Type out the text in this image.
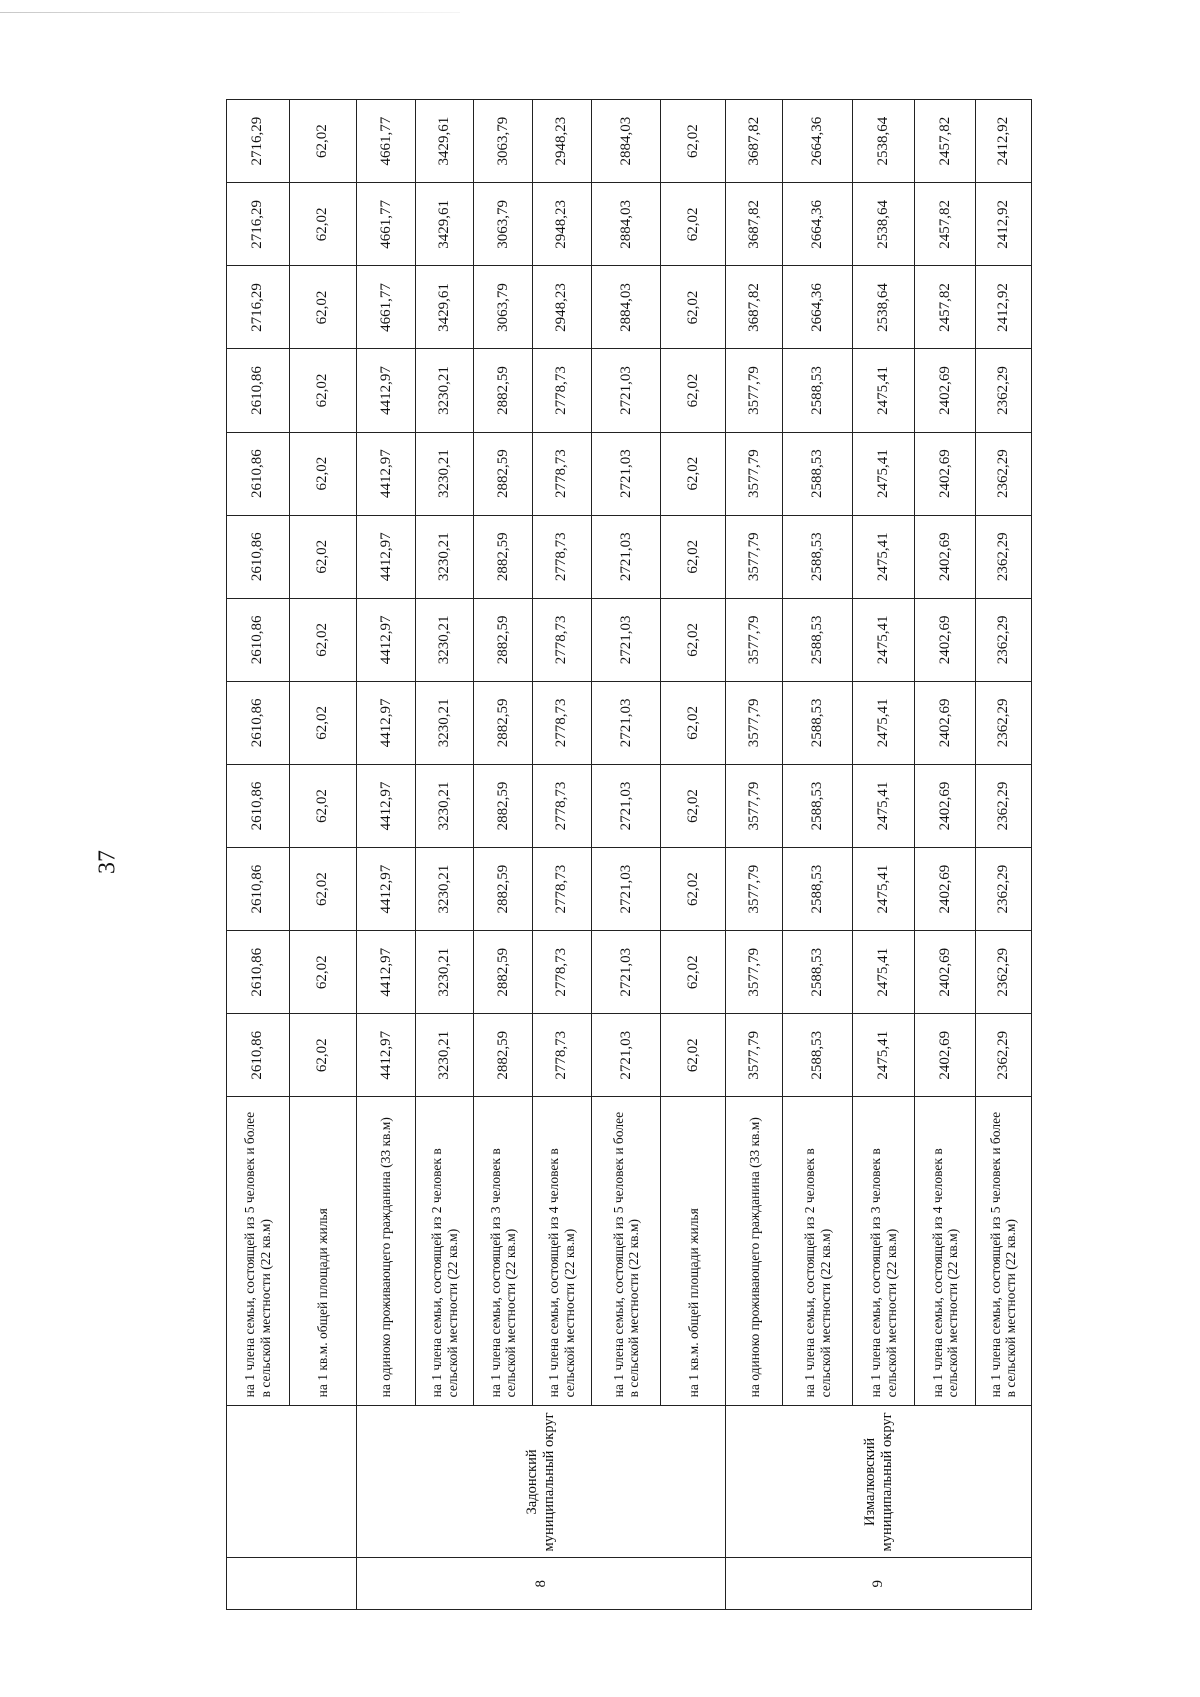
37
		на 1 члена семьи, состоящей из 5 человек и более в сельской местности (22 кв.м)	2610,86	2610,86	2610,86	2610,86	2610,86	2610,86	2610,86	2610,86	2610,86	2716,29	2716,29	2716,29
		на 1 кв.м. общей площади жилья	62,02	62,02	62,02	62,02	62,02	62,02	62,02	62,02	62,02	62,02	62,02	62,02
8	Задонский муниципальный округ	на одиноко проживающего гражданина (33 кв.м)	4412,97	4412,97	4412,97	4412,97	4412,97	4412,97	4412,97	4412,97	4412,97	4661,77	4661,77	4661,77
		на 1 члена семьи, состоящей из 2 человек в сельской местности (22 кв.м)	3230,21	3230,21	3230,21	3230,21	3230,21	3230,21	3230,21	3230,21	3230,21	3429,61	3429,61	3429,61
		на 1 члена семьи, состоящей из 3 человек в сельской местности (22 кв.м)	2882,59	2882,59	2882,59	2882,59	2882,59	2882,59	2882,59	2882,59	2882,59	3063,79	3063,79	3063,79
		на 1 члена семьи, состоящей из 4 человек в сельской местности (22 кв.м)	2778,73	2778,73	2778,73	2778,73	2778,73	2778,73	2778,73	2778,73	2778,73	2948,23	2948,23	2948,23
		на 1 члена семьи, состоящей из 5 человек и более в сельской местности (22 кв.м)	2721,03	2721,03	2721,03	2721,03	2721,03	2721,03	2721,03	2721,03	2721,03	2884,03	2884,03	2884,03
		на 1 кв.м. общей площади жилья	62,02	62,02	62,02	62,02	62,02	62,02	62,02	62,02	62,02	62,02	62,02	62,02
9	Измалковский муниципальный округ	на одиноко проживающего гражданина (33 кв.м)	3577,79	3577,79	3577,79	3577,79	3577,79	3577,79	3577,79	3577,79	3577,79	3687,82	3687,82	3687,82
		на 1 члена семьи, состоящей из 2 человек в сельской местности (22 кв.м)	2588,53	2588,53	2588,53	2588,53	2588,53	2588,53	2588,53	2588,53	2588,53	2664,36	2664,36	2664,36
		на 1 члена семьи, состоящей из 3 человек в сельской местности (22 кв.м)	2475,41	2475,41	2475,41	2475,41	2475,41	2475,41	2475,41	2475,41	2475,41	2538,64	2538,64	2538,64
		на 1 члена семьи, состоящей из 4 человек в сельской местности (22 кв.м)	2402,69	2402,69	2402,69	2402,69	2402,69	2402,69	2402,69	2402,69	2402,69	2457,82	2457,82	2457,82
		на 1 члена семьи, состоящей из 5 человек и более в сельской местности (22 кв.м)	2362,29	2362,29	2362,29	2362,29	2362,29	2362,29	2362,29	2362,29	2362,29	2412,92	2412,92	2412,92
